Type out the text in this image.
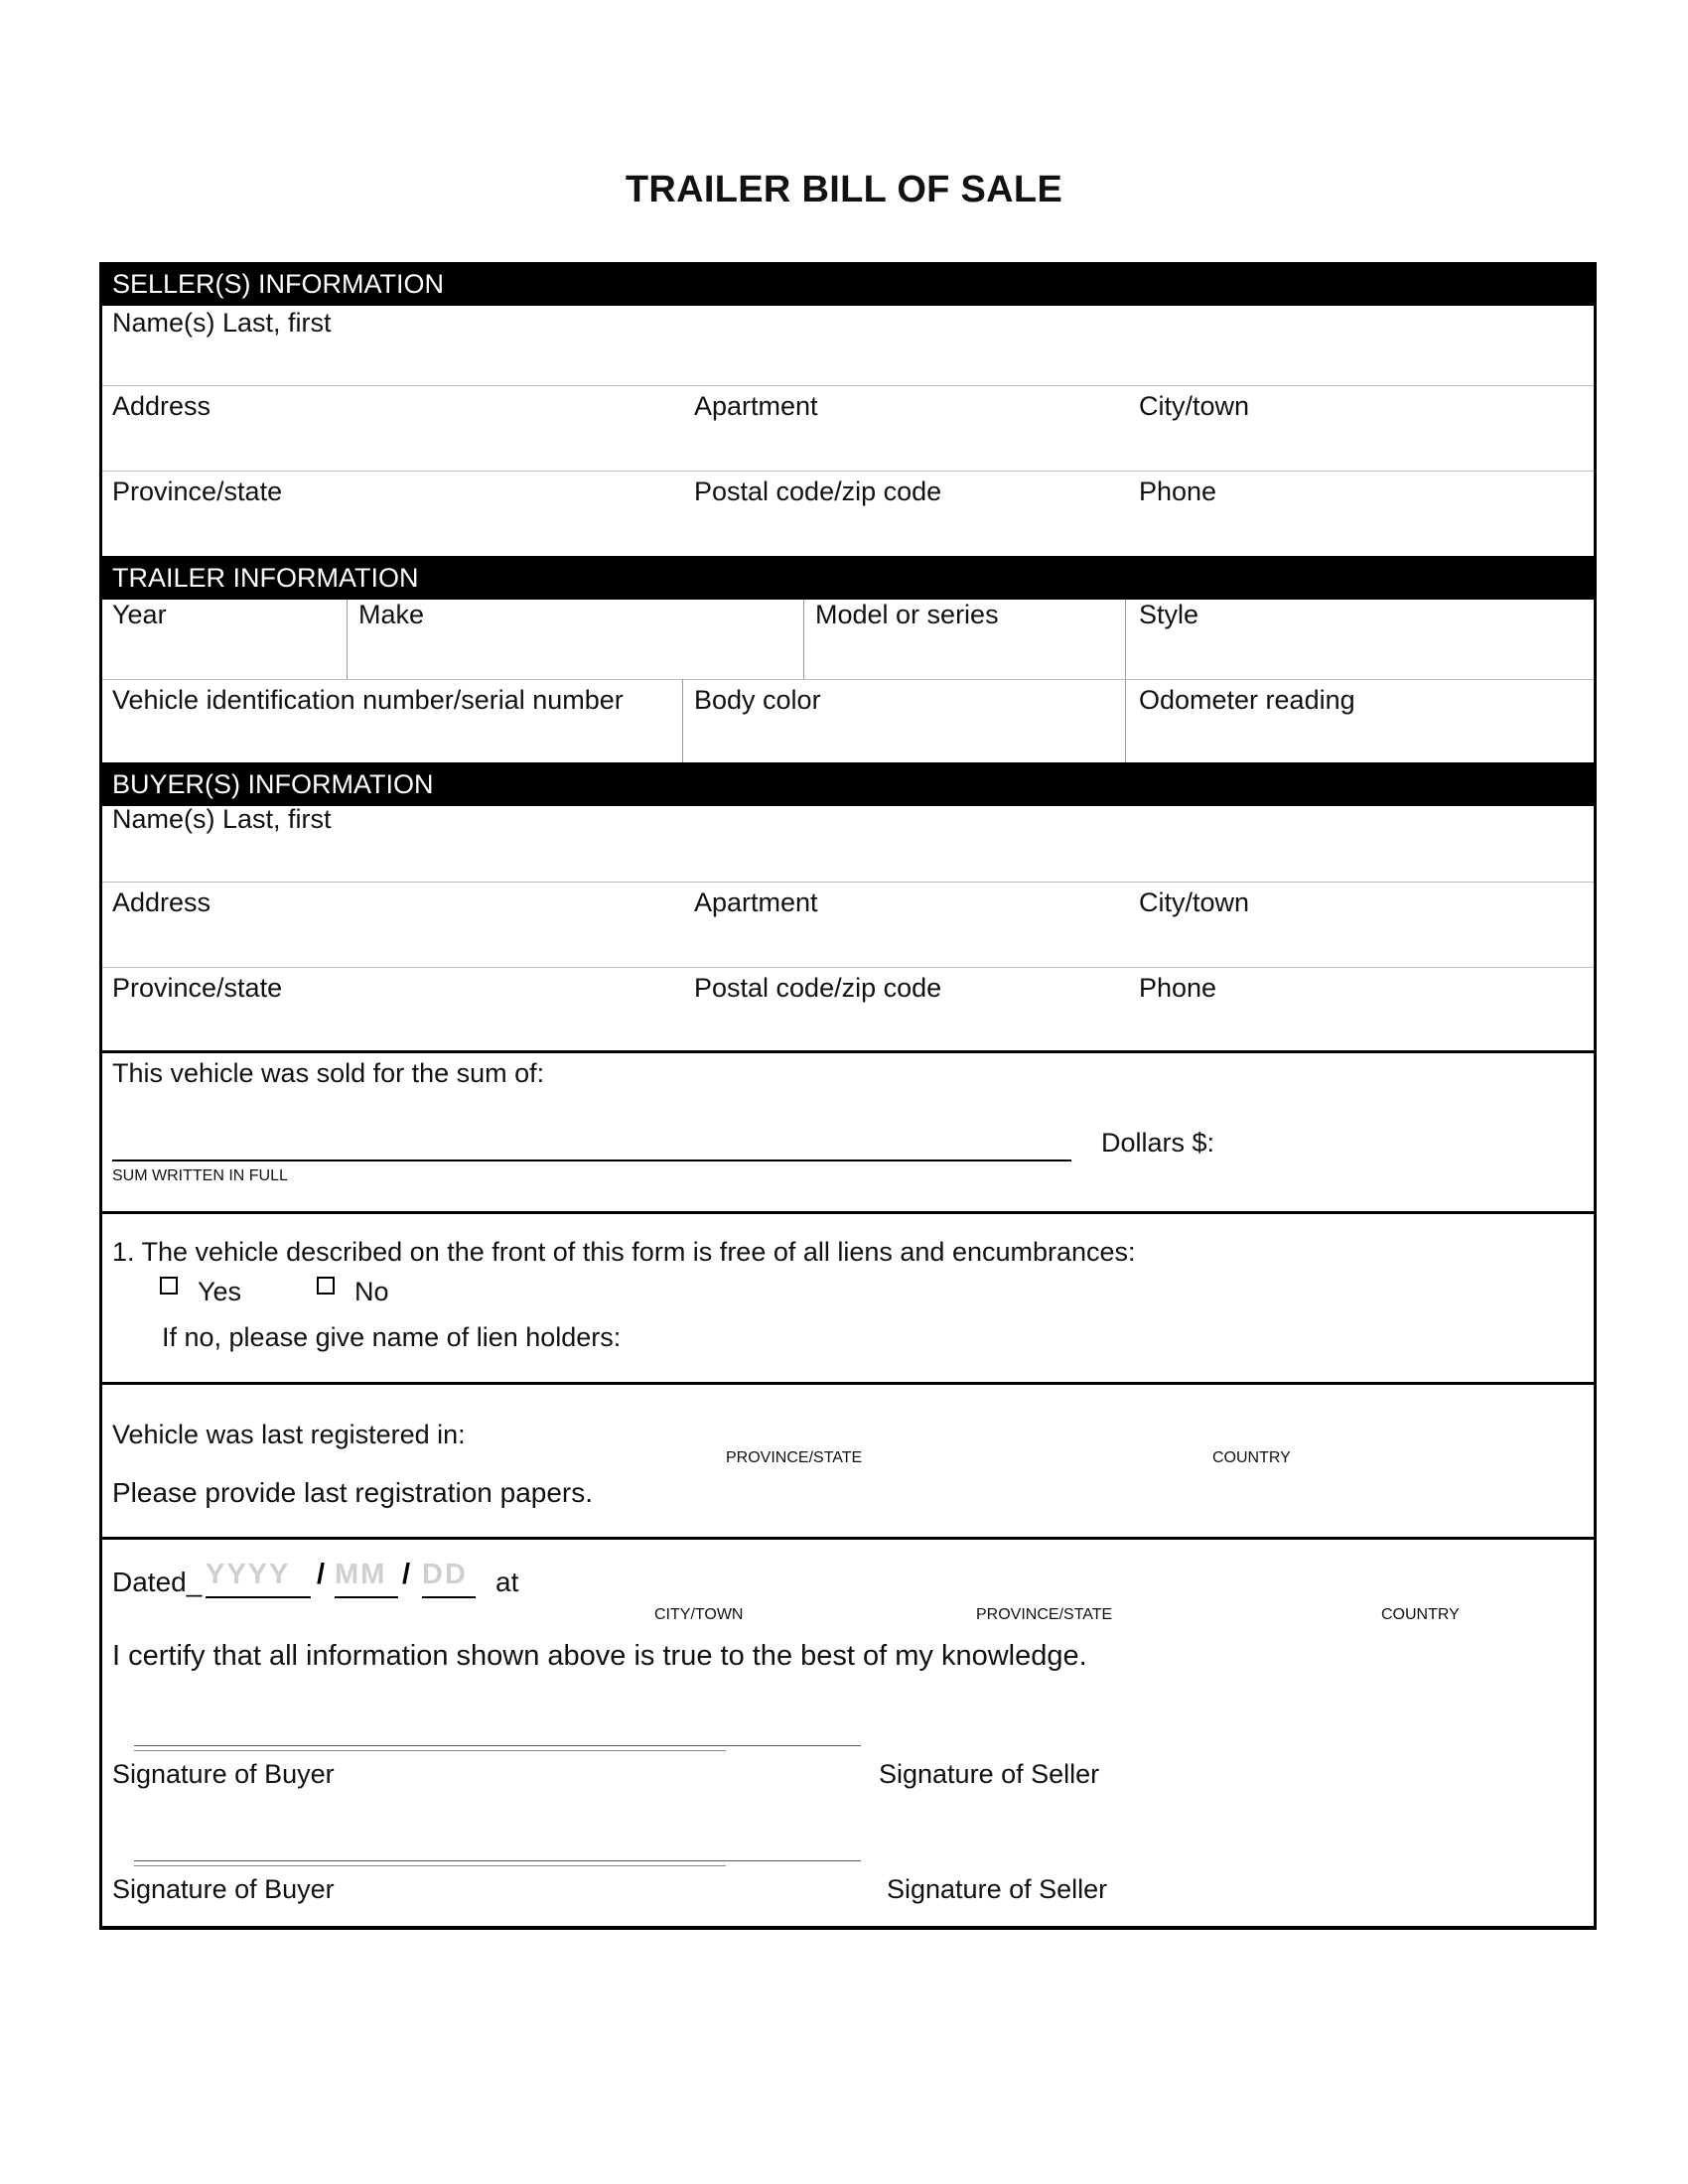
TRAILER BILL OF SALE
SELLER(S) INFORMATION
Name(s) Last, first
Address	Apartment	City/town
Province/state	Postal code/zip code	Phone
TRAILER INFORMATION
Year	Make	Model or series	Style
Vehicle identification number/serial number	Body color	Odometer reading
BUYER(S) INFORMATION
Name(s) Last, first
Address	Apartment	City/town
Province/state	Postal code/zip code	Phone
This vehicle was sold for the sum of:
Dollars $:
SUM WRITTEN IN FULL
1. The vehicle described on the front of this form is free of all liens and encumbrances:
Yes	No
If no, please give name of lien holders:
Vehicle was last registered in:
PROVINCE/STATE	COUNTRY
Please provide last registration papers.
Dated_ YYYY / MM / DD at
CITY/TOWN	PROVINCE/STATE	COUNTRY
I certify that all information shown above is true to the best of my knowledge.
Signature of Buyer	Signature of Seller
Signature of Buyer	Signature of Seller
